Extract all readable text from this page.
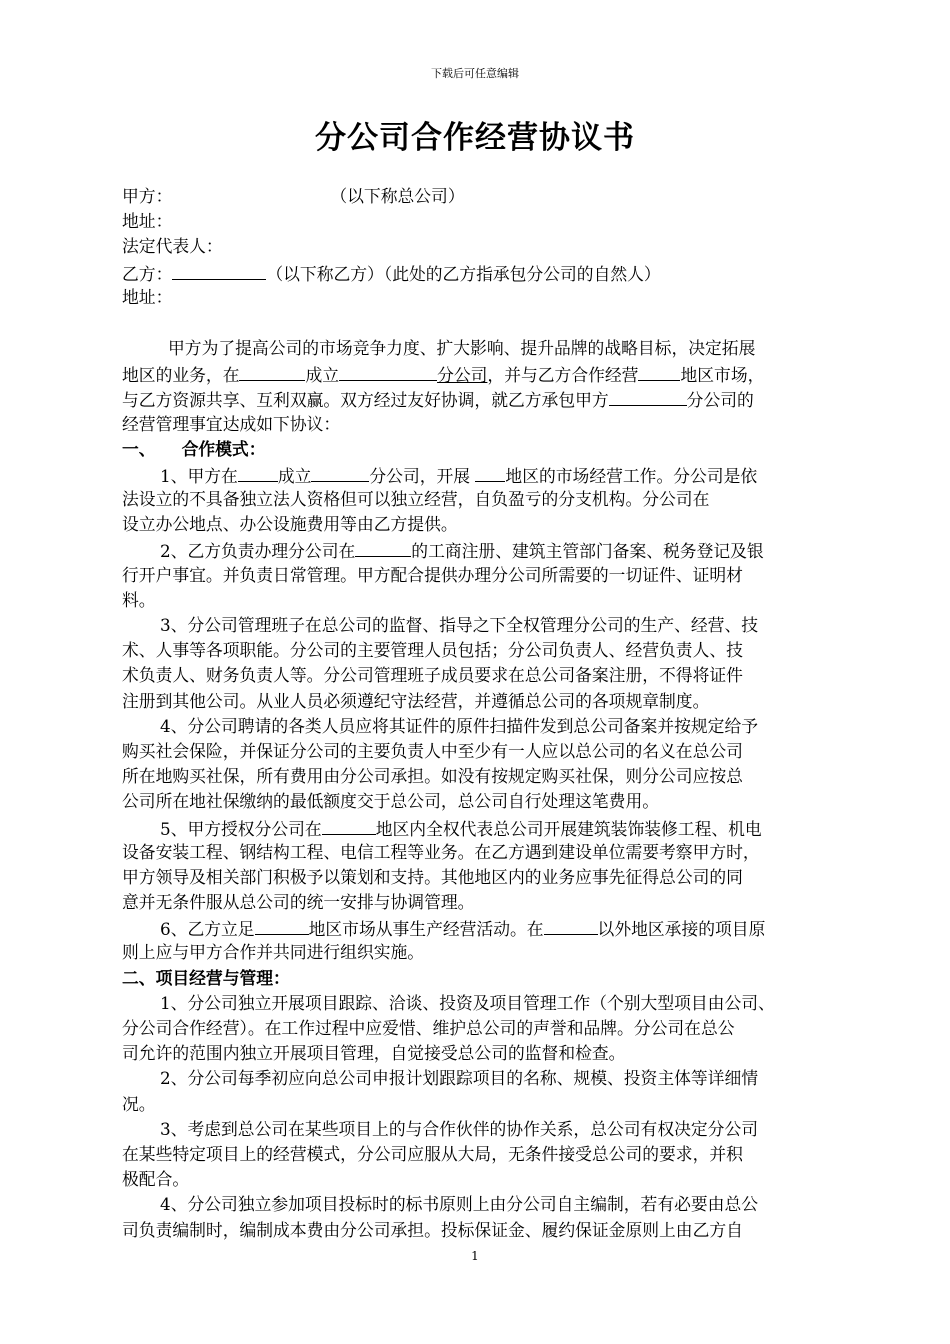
下载后可任意编辑
分公司合作经营协议书
甲方：	（以下称总公司）
地址：
法定代表人：
乙方：	（以下称乙方）（此处的乙方指承包分公司的自然人）
地址：
甲方为了提高公司的市场竞争力度、扩大影响、提升品牌的战略目标，决定拓展
地区的业务，在	成立	分公司，并与乙方合作经营	地区市场，
与乙方资源共享、互利双赢。双方经过友好协调，就乙方承包甲方	分公司的
经营管理事宜达成如下协议：
一、 合作模式：
1、甲方在 成立	分公司，开展 地区的市场经营工作。分公司是依
法设立的不具备独立法人资格但可以独立经营，自负盈亏的分支机构。分公司在
设立办公地点、办公设施费用等由乙方提供。
2、乙方负责办理分公司在	的工商注册、建筑主管部门备案、税务登记及银
行开户事宜。并负责日常管理。甲方配合提供办理分公司所需要的一切证件、证明材
料。
3、分公司管理班子在总公司的监督、指导之下全权管理分公司的生产、经营、技
术、人事等各项职能。分公司的主要管理人员包括；分公司负责人、经营负责人、技
术负责人、财务负责人等。分公司管理班子成员要求在总公司备案注册，不得将证件
注册到其他公司。从业人员必须遵纪守法经营，并遵循总公司的各项规章制度。
4、分公司聘请的各类人员应将其证件的原件扫描件发到总公司备案并按规定给予
购买社会保险，并保证分公司的主要负责人中至少有一人应以总公司的名义在总公司
所在地购买社保，所有费用由分公司承担。如没有按规定购买社保，则分公司应按总
公司所在地社保缴纳的最低额度交于总公司，总公司自行处理这笔费用。
5、甲方授权分公司在	地区内全权代表总公司开展建筑装饰装修工程、机电
设备安装工程、钢结构工程、电信工程等业务。在乙方遇到建设单位需要考察甲方时，
甲方领导及相关部门积极予以策划和支持。其他地区内的业务应事先征得总公司的同
意并无条件服从总公司的统一安排与协调管理。
6、乙方立足	地区市场从事生产经营活动。在	以外地区承接的项目原
则上应与甲方合作并共同进行组织实施。
二、项目经营与管理：
1、分公司独立开展项目跟踪、洽谈、投资及项目管理工作（个别大型项目由公司、
分公司合作经营）。在工作过程中应爱惜、维护总公司的声誉和品牌。分公司在总公
司允许的范围内独立开展项目管理，自觉接受总公司的监督和检查。
2、分公司每季初应向总公司申报计划跟踪项目的名称、规模、投资主体等详细情
况。
3、考虑到总公司在某些项目上的与合作伙伴的协作关系，总公司有权决定分公司
在某些特定项目上的经营模式，分公司应服从大局，无条件接受总公司的要求，并积
极配合。
4、分公司独立参加项目投标时的标书原则上由分公司自主编制，若有必要由总公
司负责编制时，编制成本费由分公司承担。投标保证金、履约保证金原则上由乙方自
1
